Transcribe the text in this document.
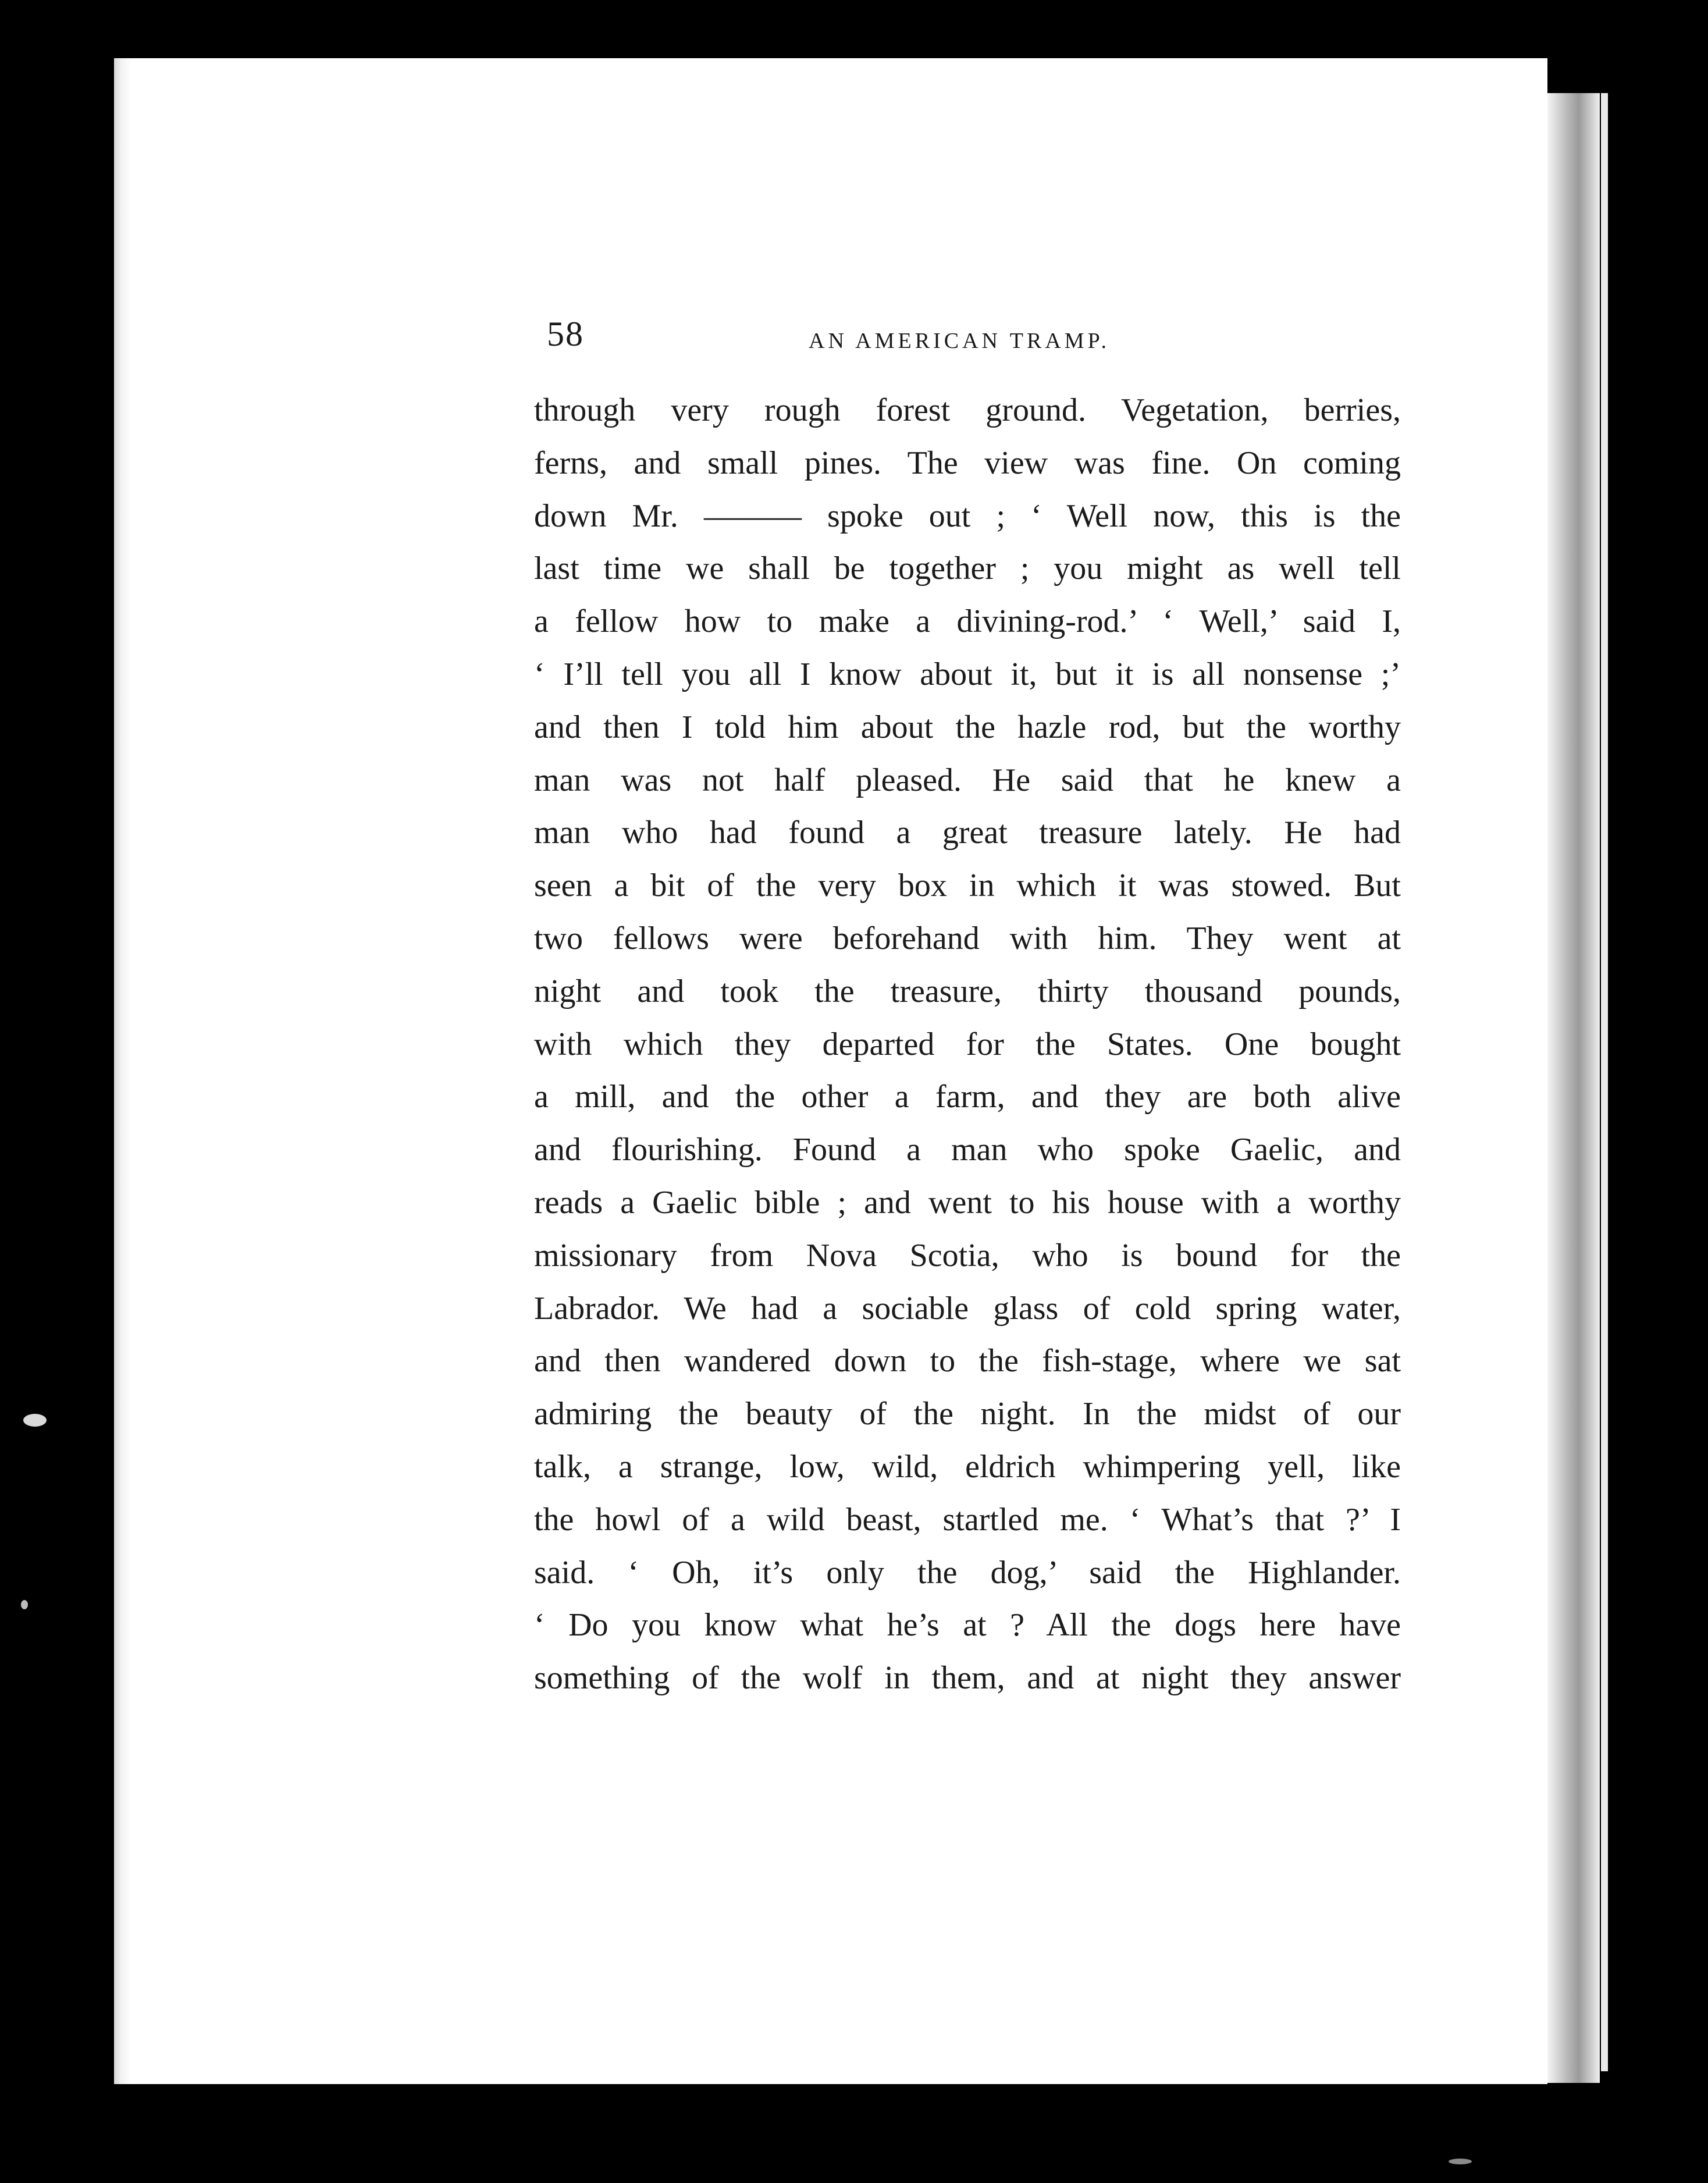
58	AN AMERICAN TRAMP.
through very rough forest ground. Vegetation, berries,
ferns, and small pines. The view was fine. On coming
down Mr. ——— spoke out ; ‘ Well now, this is the
last time we shall be together ; you might as well tell
a fellow how to make a divining-rod.’ ‘ Well,’ said I,
‘ I’ll tell you all I know about it, but it is all nonsense ;’
and then I told him about the hazle rod, but the worthy
man was not half pleased. He said that he knew a
man who had found a great treasure lately. He had
seen a bit of the very box in which it was stowed. But
two fellows were beforehand with him. They went at
night and took the treasure, thirty thousand pounds,
with which they departed for the States. One bought
a mill, and the other a farm, and they are both alive
and flourishing. Found a man who spoke Gaelic, and
reads a Gaelic bible ; and went to his house with a worthy
missionary from Nova Scotia, who is bound for the
Labrador. We had a sociable glass of cold spring water,
and then wandered down to the fish-stage, where we sat
admiring the beauty of the night. In the midst of our
talk, a strange, low, wild, eldrich whimpering yell, like
the howl of a wild beast, startled me. ‘ What’s that ?’ I
said. ‘ Oh, it’s only the dog,’ said the Highlander.
‘ Do you know what he’s at ? All the dogs here have
something of the wolf in them, and at night they answer
